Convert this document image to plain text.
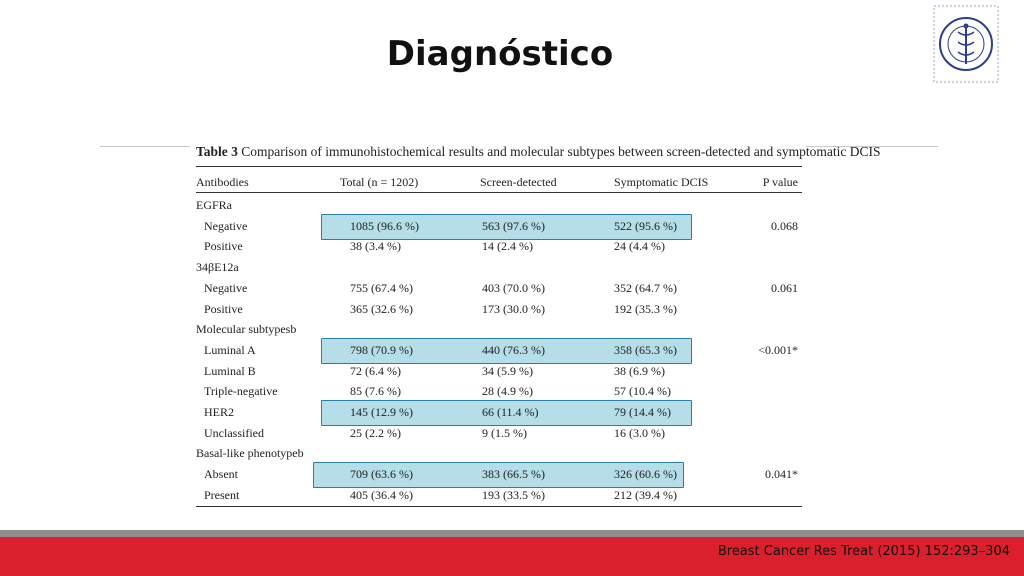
Diagnóstico
Table 3 Comparison of immunohistochemical results and molecular subtypes between screen-detected and symptomatic DCIS
Antibodies	Total (n = 1202)	Screen-detected	Symptomatic DCIS	P value
EGFRa
Negative	1085 (96.6 %)	563 (97.6 %)	522 (95.6 %)	0.068
Positive	38 (3.4 %)	14 (2.4 %)	24 (4.4 %)
34βE12a
Negative	755 (67.4 %)	403 (70.0 %)	352 (64.7 %)	0.061
Positive	365 (32.6 %)	173 (30.0 %)	192 (35.3 %)
Molecular subtypesb
Luminal A	798 (70.9 %)	440 (76.3 %)	358 (65.3 %)	<0.001*
Luminal B	72 (6.4 %)	34 (5.9 %)	38 (6.9 %)
Triple-negative	85 (7.6 %)	28 (4.9 %)	57 (10.4 %)
HER2	145 (12.9 %)	66 (11.4 %)	79 (14.4 %)
Unclassified	25 (2.2 %)	9 (1.5 %)	16 (3.0 %)
Basal-like phenotypeb
Absent	709 (63.6 %)	383 (66.5 %)	326 (60.6 %)	0.041*
Present	405 (36.4 %)	193 (33.5 %)	212 (39.4 %)
Breast Cancer Res Treat (2015) 152:293–304
